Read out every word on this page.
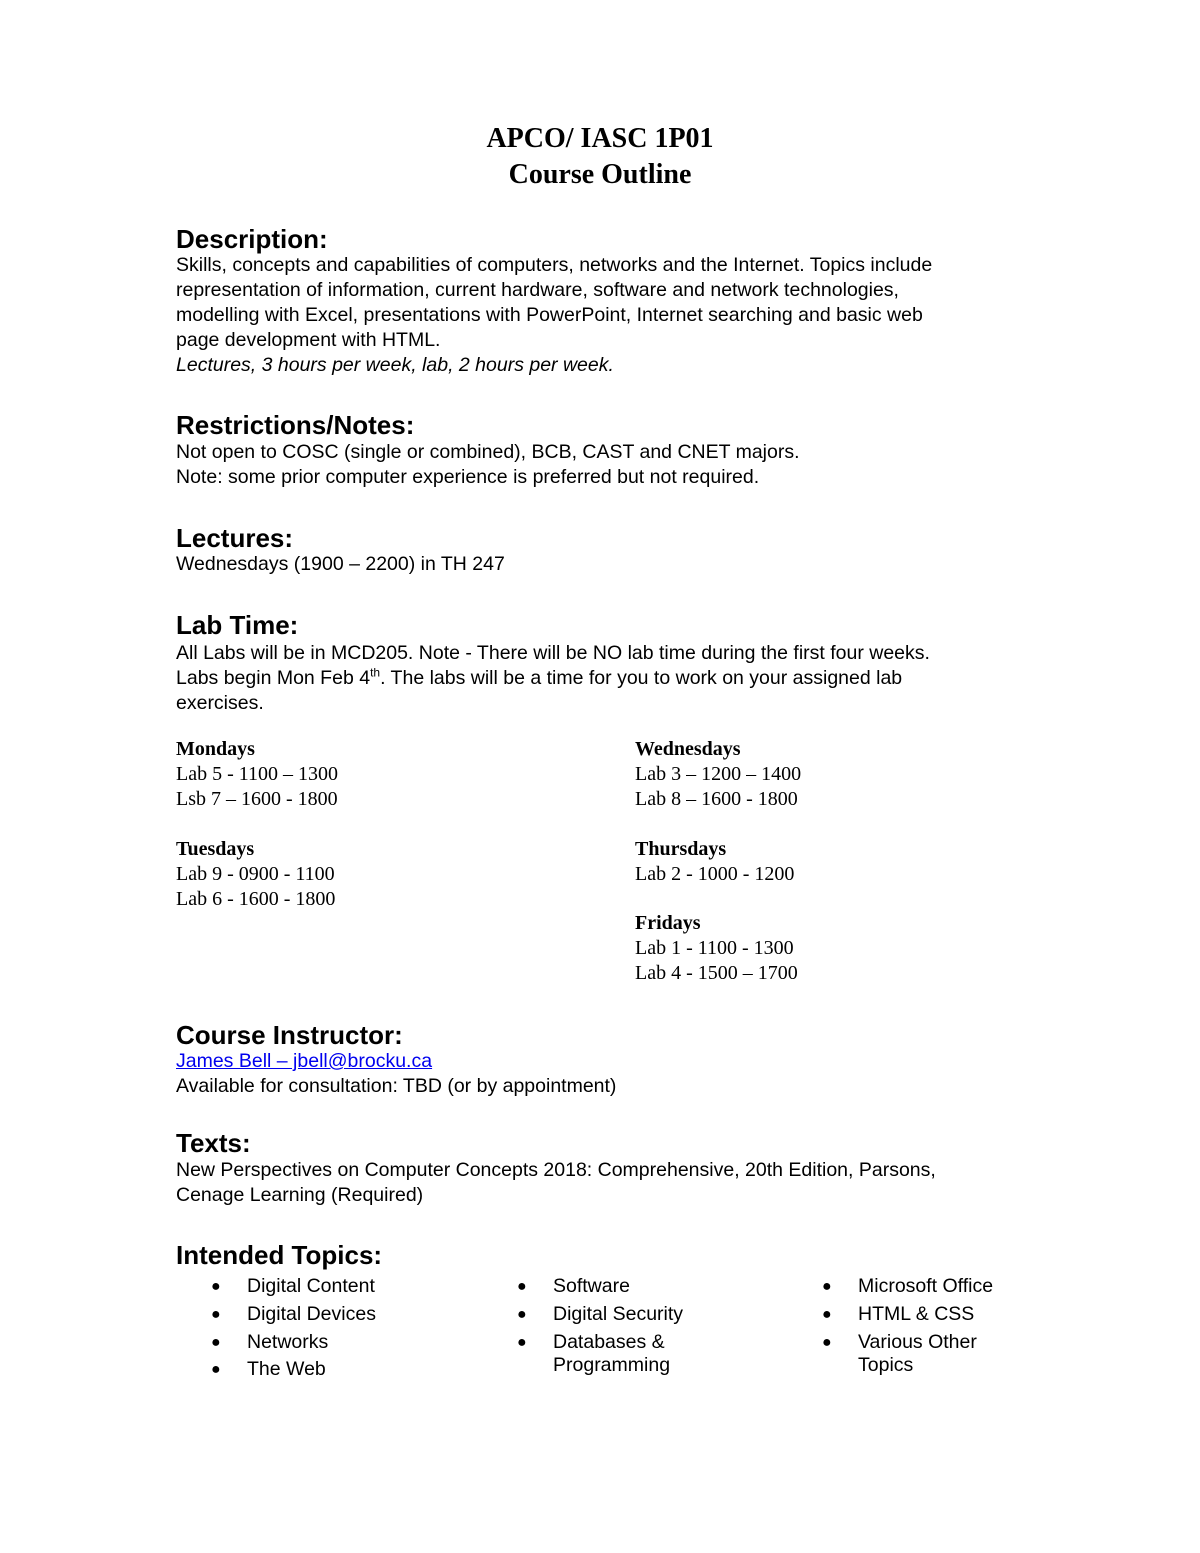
APCO/ IASC 1P01
Course Outline
Description:
Skills, concepts and capabilities of computers, networks and the Internet. Topics include
representation of information, current hardware, software and network technologies,
modelling with Excel, presentations with PowerPoint, Internet searching and basic web
page development with HTML.
Lectures, 3 hours per week, lab, 2 hours per week.
Restrictions/Notes:
Not open to COSC (single or combined), BCB, CAST and CNET majors.
Note: some prior computer experience is preferred but not required.
Lectures:
Wednesdays (1900 – 2200) in TH 247
Lab Time:
All Labs will be in MCD205. Note - There will be NO lab time during the first four weeks.
Labs begin Mon Feb 4th. The labs will be a time for you to work on your assigned lab
exercises.
Mondays
Lab 5 - 1100 – 1300
Lsb 7 – 1600 - 1800
Tuesdays
Lab 9 - 0900 - 1100
Lab 6 - 1600 - 1800
Wednesdays
Lab 3 – 1200 – 1400
Lab 8 – 1600 - 1800
Thursdays
Lab 2 - 1000 - 1200
Fridays
Lab 1 - 1100 - 1300
Lab 4 - 1500 – 1700
Course Instructor:
James Bell – jbell@brocku.ca
Available for consultation: TBD (or by appointment)
Texts:
New Perspectives on Computer Concepts 2018: Comprehensive, 20th Edition, Parsons,
Cenage Learning (Required)
Intended Topics:
● Digital Content
● Digital Devices
● Networks
● The Web
● Software
● Digital Security
● Databases &
Programming
● Microsoft Office
● HTML & CSS
● Various Other
Topics
